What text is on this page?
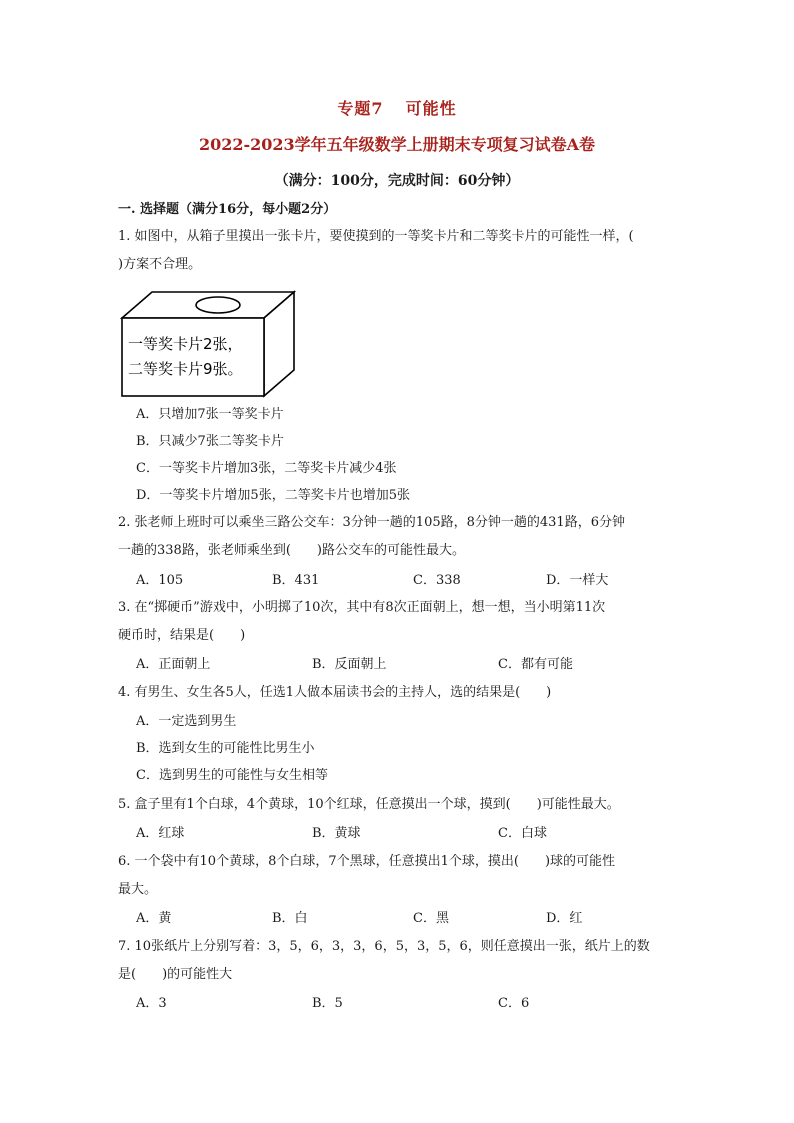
专题7 可能性
2022-2023学年五年级数学上册期末专项复习试卷A卷
（满分：100分，完成时间：60分钟）
一. 选择题（满分16分，每小题2分）
1. 如图中，从箱子里摸出一张卡片，要使摸到的一等奖卡片和二等奖卡片的可能性一样，(
)方案不合理。
一等奖卡片2张，
二等奖卡片9张。
A．只增加7张一等奖卡片
B．只减少7张二等奖卡片
C．一等奖卡片增加3张，二等奖卡片减少4张
D．一等奖卡片增加5张，二等奖卡片也增加5张
2. 张老师上班时可以乘坐三路公交车：3分钟一趟的105路，8分钟一趟的431路，6分钟
一趟的338路，张老师乘坐到(　　)路公交车的可能性最大。
A．105	B．431	C．338	D．一样大
3. 在“掷硬币”游戏中，小明掷了10次，其中有8次正面朝上，想一想，当小明第11次
硬币时，结果是(　　)
A．正面朝上	B．反面朝上	C．都有可能
4. 有男生、女生各5人，任选1人做本届读书会的主持人，选的结果是(　　)
A．一定选到男生
B．选到女生的可能性比男生小
C．选到男生的可能性与女生相等
5. 盒子里有1个白球，4个黄球，10个红球，任意摸出一个球，摸到(　　)可能性最大。
A．红球	B．黄球	C．白球
6. 一个袋中有10个黄球，8个白球，7个黑球，任意摸出1个球，摸出(　　)球的可能性
最大。
A．黄	B．白	C．黑	D．红
7. 10张纸片上分别写着：3，5，6，3，3，6，5，3，5，6，则任意摸出一张，纸片上的数
是(　　)的可能性大
A．3	B．5	C．6
